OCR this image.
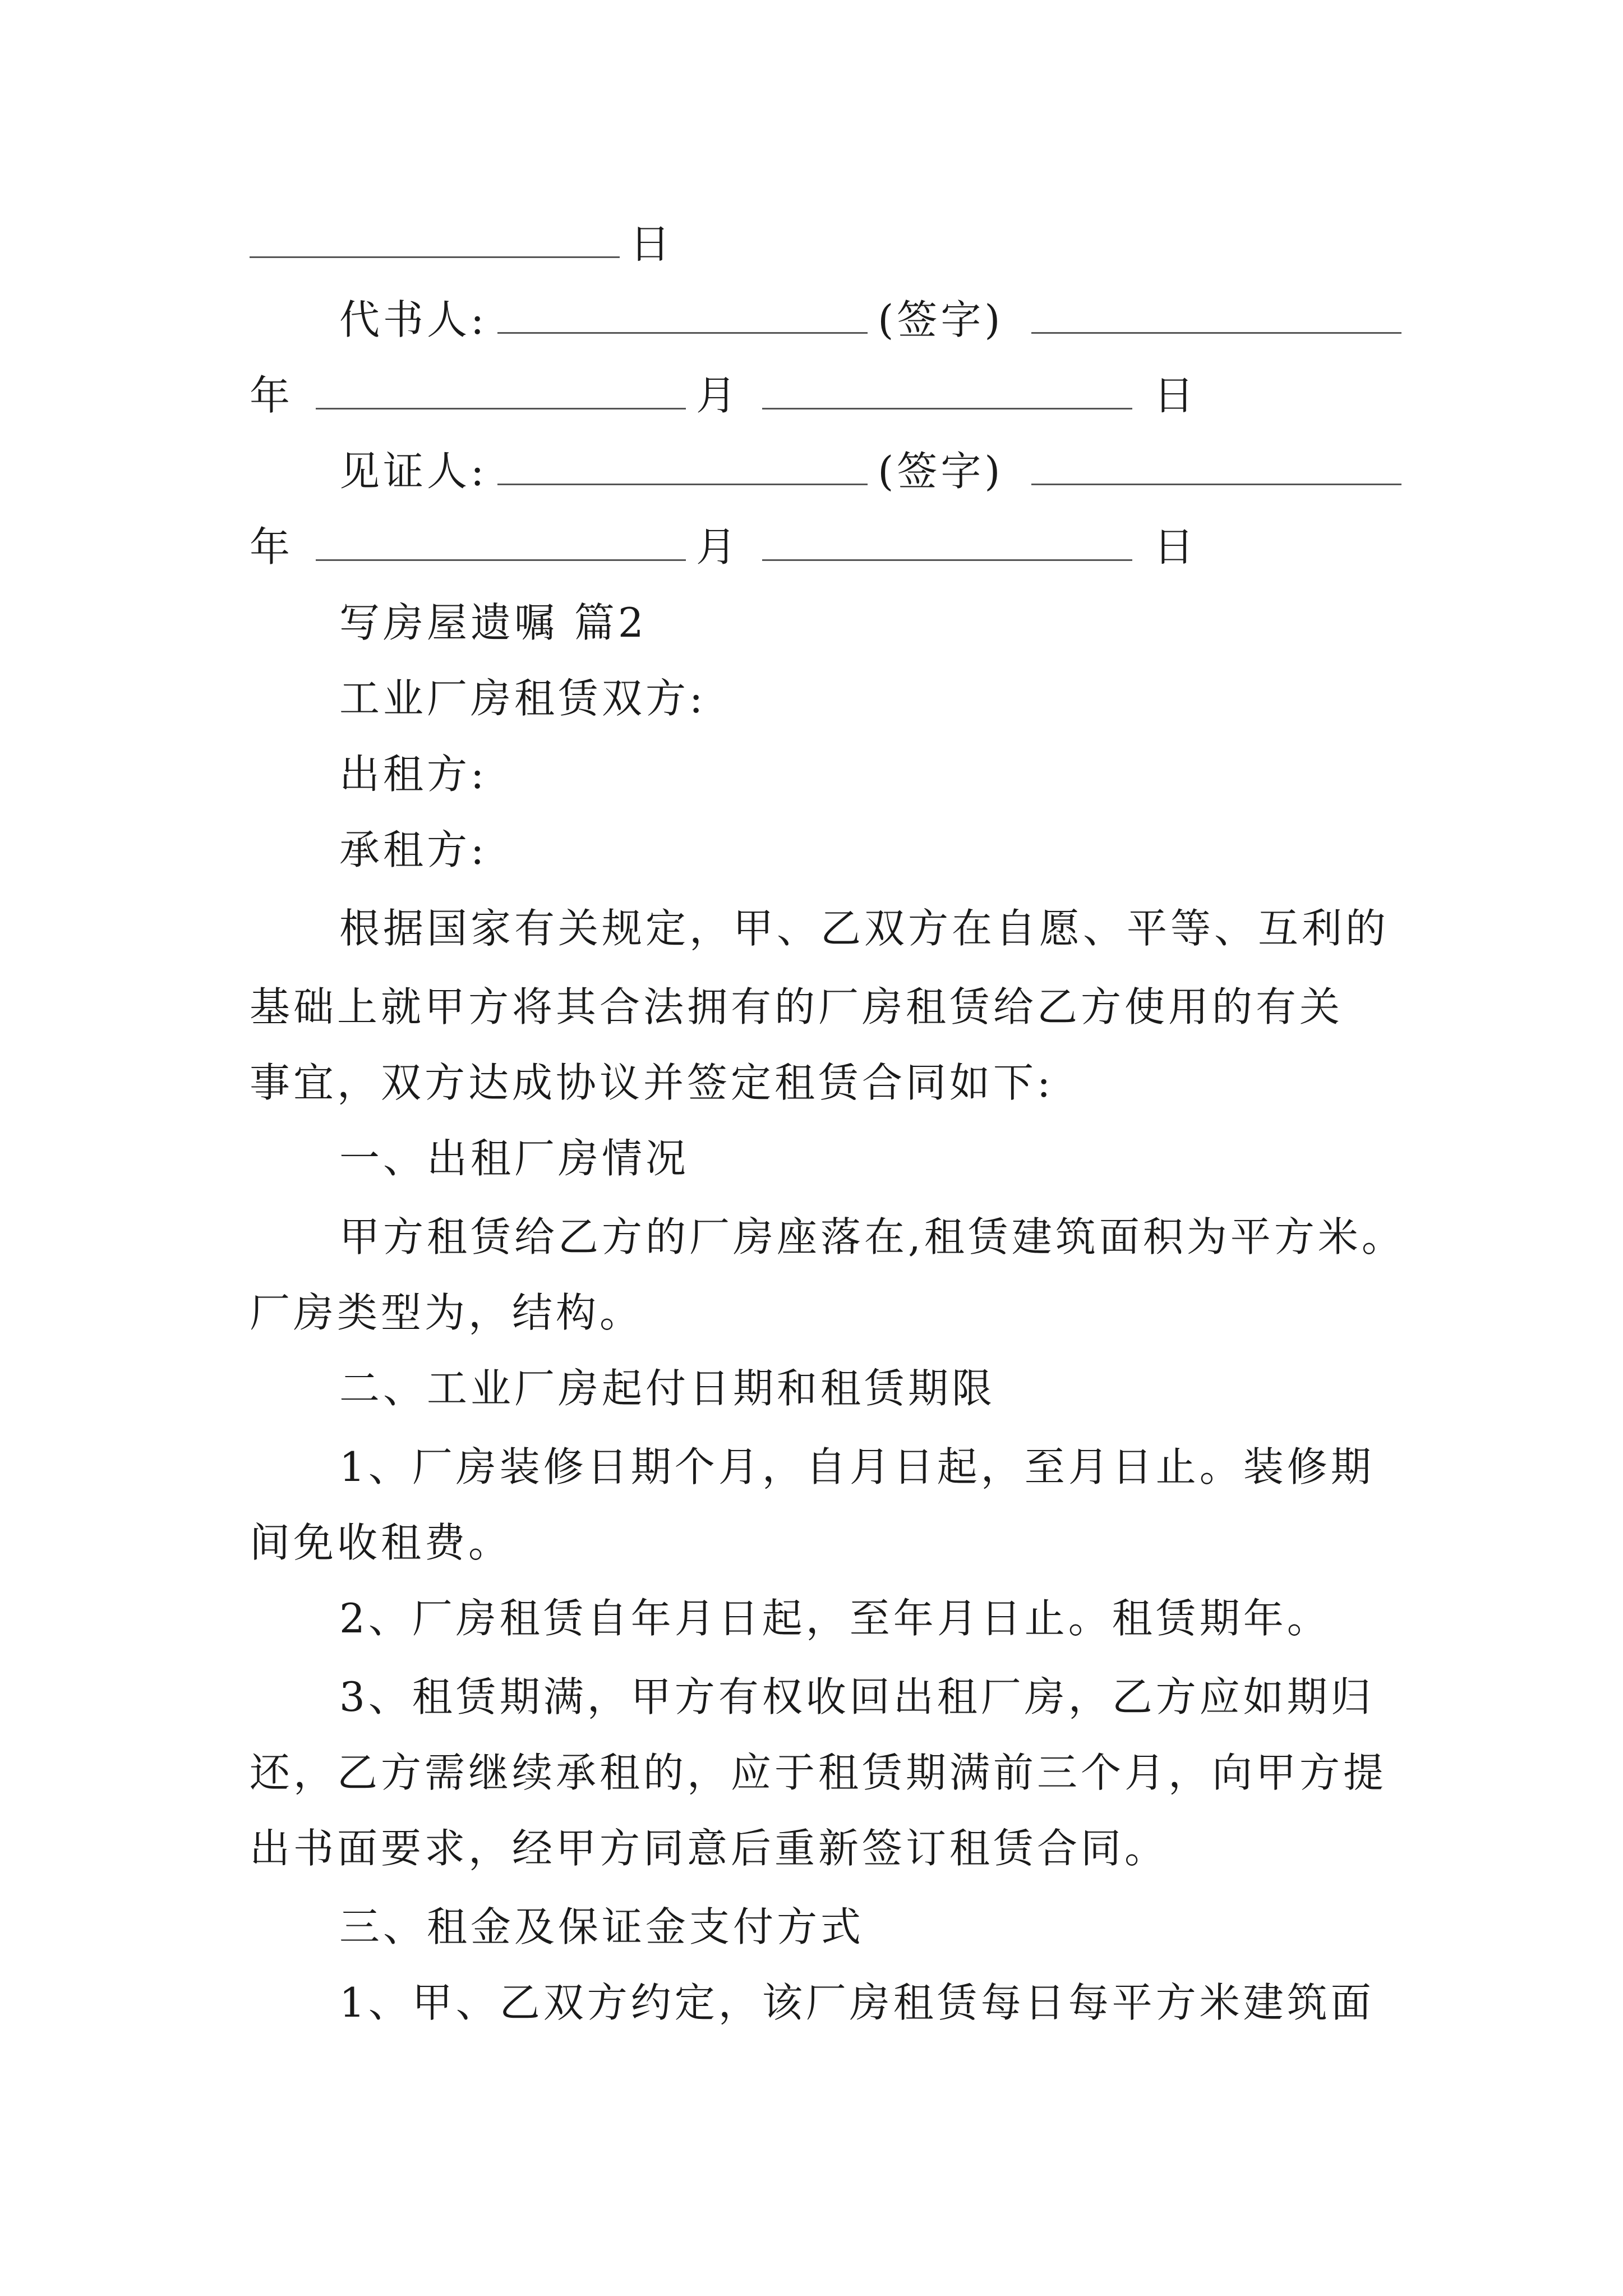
日
代书人:	(签字)
年	月	日
见证人:	(签字)
年	月	日
写房屋遗嘱 篇2
工业厂房租赁双方:
出租方:
承租方:
根据国家有关规定，甲、乙双方在自愿、平等、互利的
基础上就甲方将其合法拥有的厂房租赁给乙方使用的有关
事宜，双方达成协议并签定租赁合同如下:
一、出租厂房情况
甲方租赁给乙方的厂房座落在,租赁建筑面积为平方米。
厂房类型为，结构。
二、工业厂房起付日期和租赁期限
1、厂房装修日期个月，自月日起，至月日止。装修期
间免收租费。
2、厂房租赁自年月日起，至年月日止。租赁期年。
3、租赁期满，甲方有权收回出租厂房，乙方应如期归
还，乙方需继续承租的，应于租赁期满前三个月，向甲方提
出书面要求，经甲方同意后重新签订租赁合同。
三、租金及保证金支付方式
1、甲、乙双方约定，该厂房租赁每日每平方米建筑面
